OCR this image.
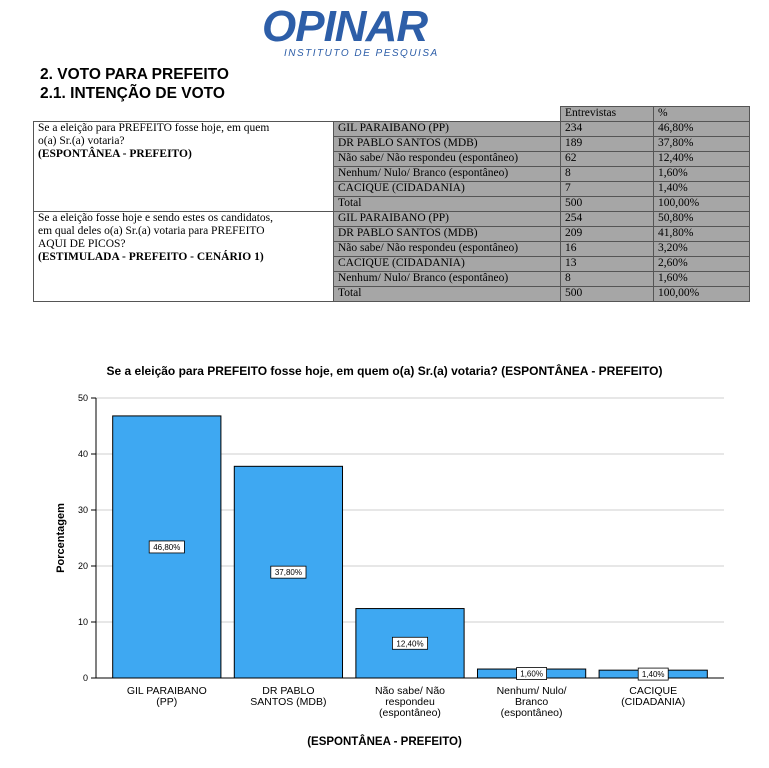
OPINAR
INSTITUTO DE PESQUISA
2. VOTO PARA PREFEITO
2.1. INTENÇÃO DE VOTO
		Entrevistas	%

Se a eleição para PREFEITO fosse hoje, em quem
o(a) Sr.(a) votaria?
(ESPONTÂNEA - PREFEITO)	GIL PARAIBANO (PP)	234	46,80%
	DR PABLO SANTOS (MDB)	189	37,80%
	Não sabe/ Não respondeu (espontâneo)	62	12,40%
	Nenhum/ Nulo/ Branco (espontâneo)	8	1,60%
	CACIQUE (CIDADANIA)	7	1,40%
	Total	500	100,00%

Se a eleição fosse hoje e sendo estes os candidatos,
em qual deles o(a) Sr.(a) votaria para PREFEITO
AQUI DE PICOS?
(ESTIMULADA - PREFEITO - CENÁRIO 1)	GIL PARAIBANO (PP)	254	50,80%
	DR PABLO SANTOS (MDB)	209	41,80%
	Não sabe/ Não respondeu (espontâneo)	16	3,20%
	CACIQUE (CIDADANIA)	13	2,60%
	Nenhum/ Nulo/ Branco (espontâneo)	8	1,60%
	Total	500	100,00%
Se a eleição para PREFEITO fosse hoje, em quem o(a) Sr.(a) votaria? (ESPONTÂNEA - PREFEITO)
0
10
20
30
40
50
Porcentagem	46,80%
GIL PARAIBANO
(PP)
37,80%
DR PABLO
SANTOS (MDB)
12,40%
Não sabe/ Não
respondeu
(espontâneo)
1,60%
Nenhum/ Nulo/
Branco
(espontâneo)
1,40%
CACIQUE
(CIDADANIA)
(ESPONTÂNEA - PREFEITO)
